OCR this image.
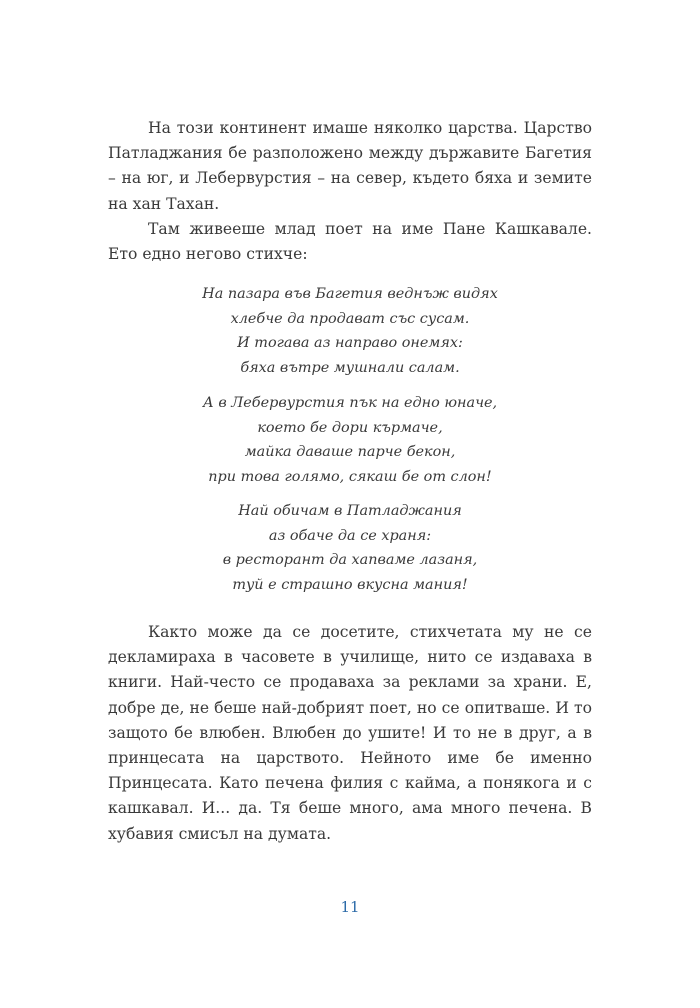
На този континент имаше няколко царства. Царство Патладжания бе разположено между държавите Багетия – на юг, и Лебервурстия – на север, където бяха и земите на хан Тахан.

Там живееше млад поет на име Пане Кашкавале. Ето едно негово стихче:

На пазара във Багетия веднъж видях
хлебче да продават със сусам.
И тогава аз направо онемях:
бяха вътре мушнали салам.
А в Лебервурстия пък на едно юначе,
което бе дори кърмаче,
майка даваше парче бекон,
при това голямо, сякаш бе от слон!
Най обичам в Патладжания
аз обаче да се храня:
в ресторант да хапваме лазаня,
туй е страшно вкусна мания!

Както може да се досетите, стихчетата му не се декламираха в часовете в училище, нито се издаваха в книги. Най-често се продаваха за реклами за храни. Е, добре де, не беше най-добрият поет, но се опитваше. И то защото бе влюбен. Влюбен до ушите! И то не в друг, а в принцесата на царството. Нейното име бе именно Принцесата. Като печена филия с кайма, а понякога и с кашкавал. И... да. Тя беше много, ама много печена. В хубавия смисъл на думата.

11
